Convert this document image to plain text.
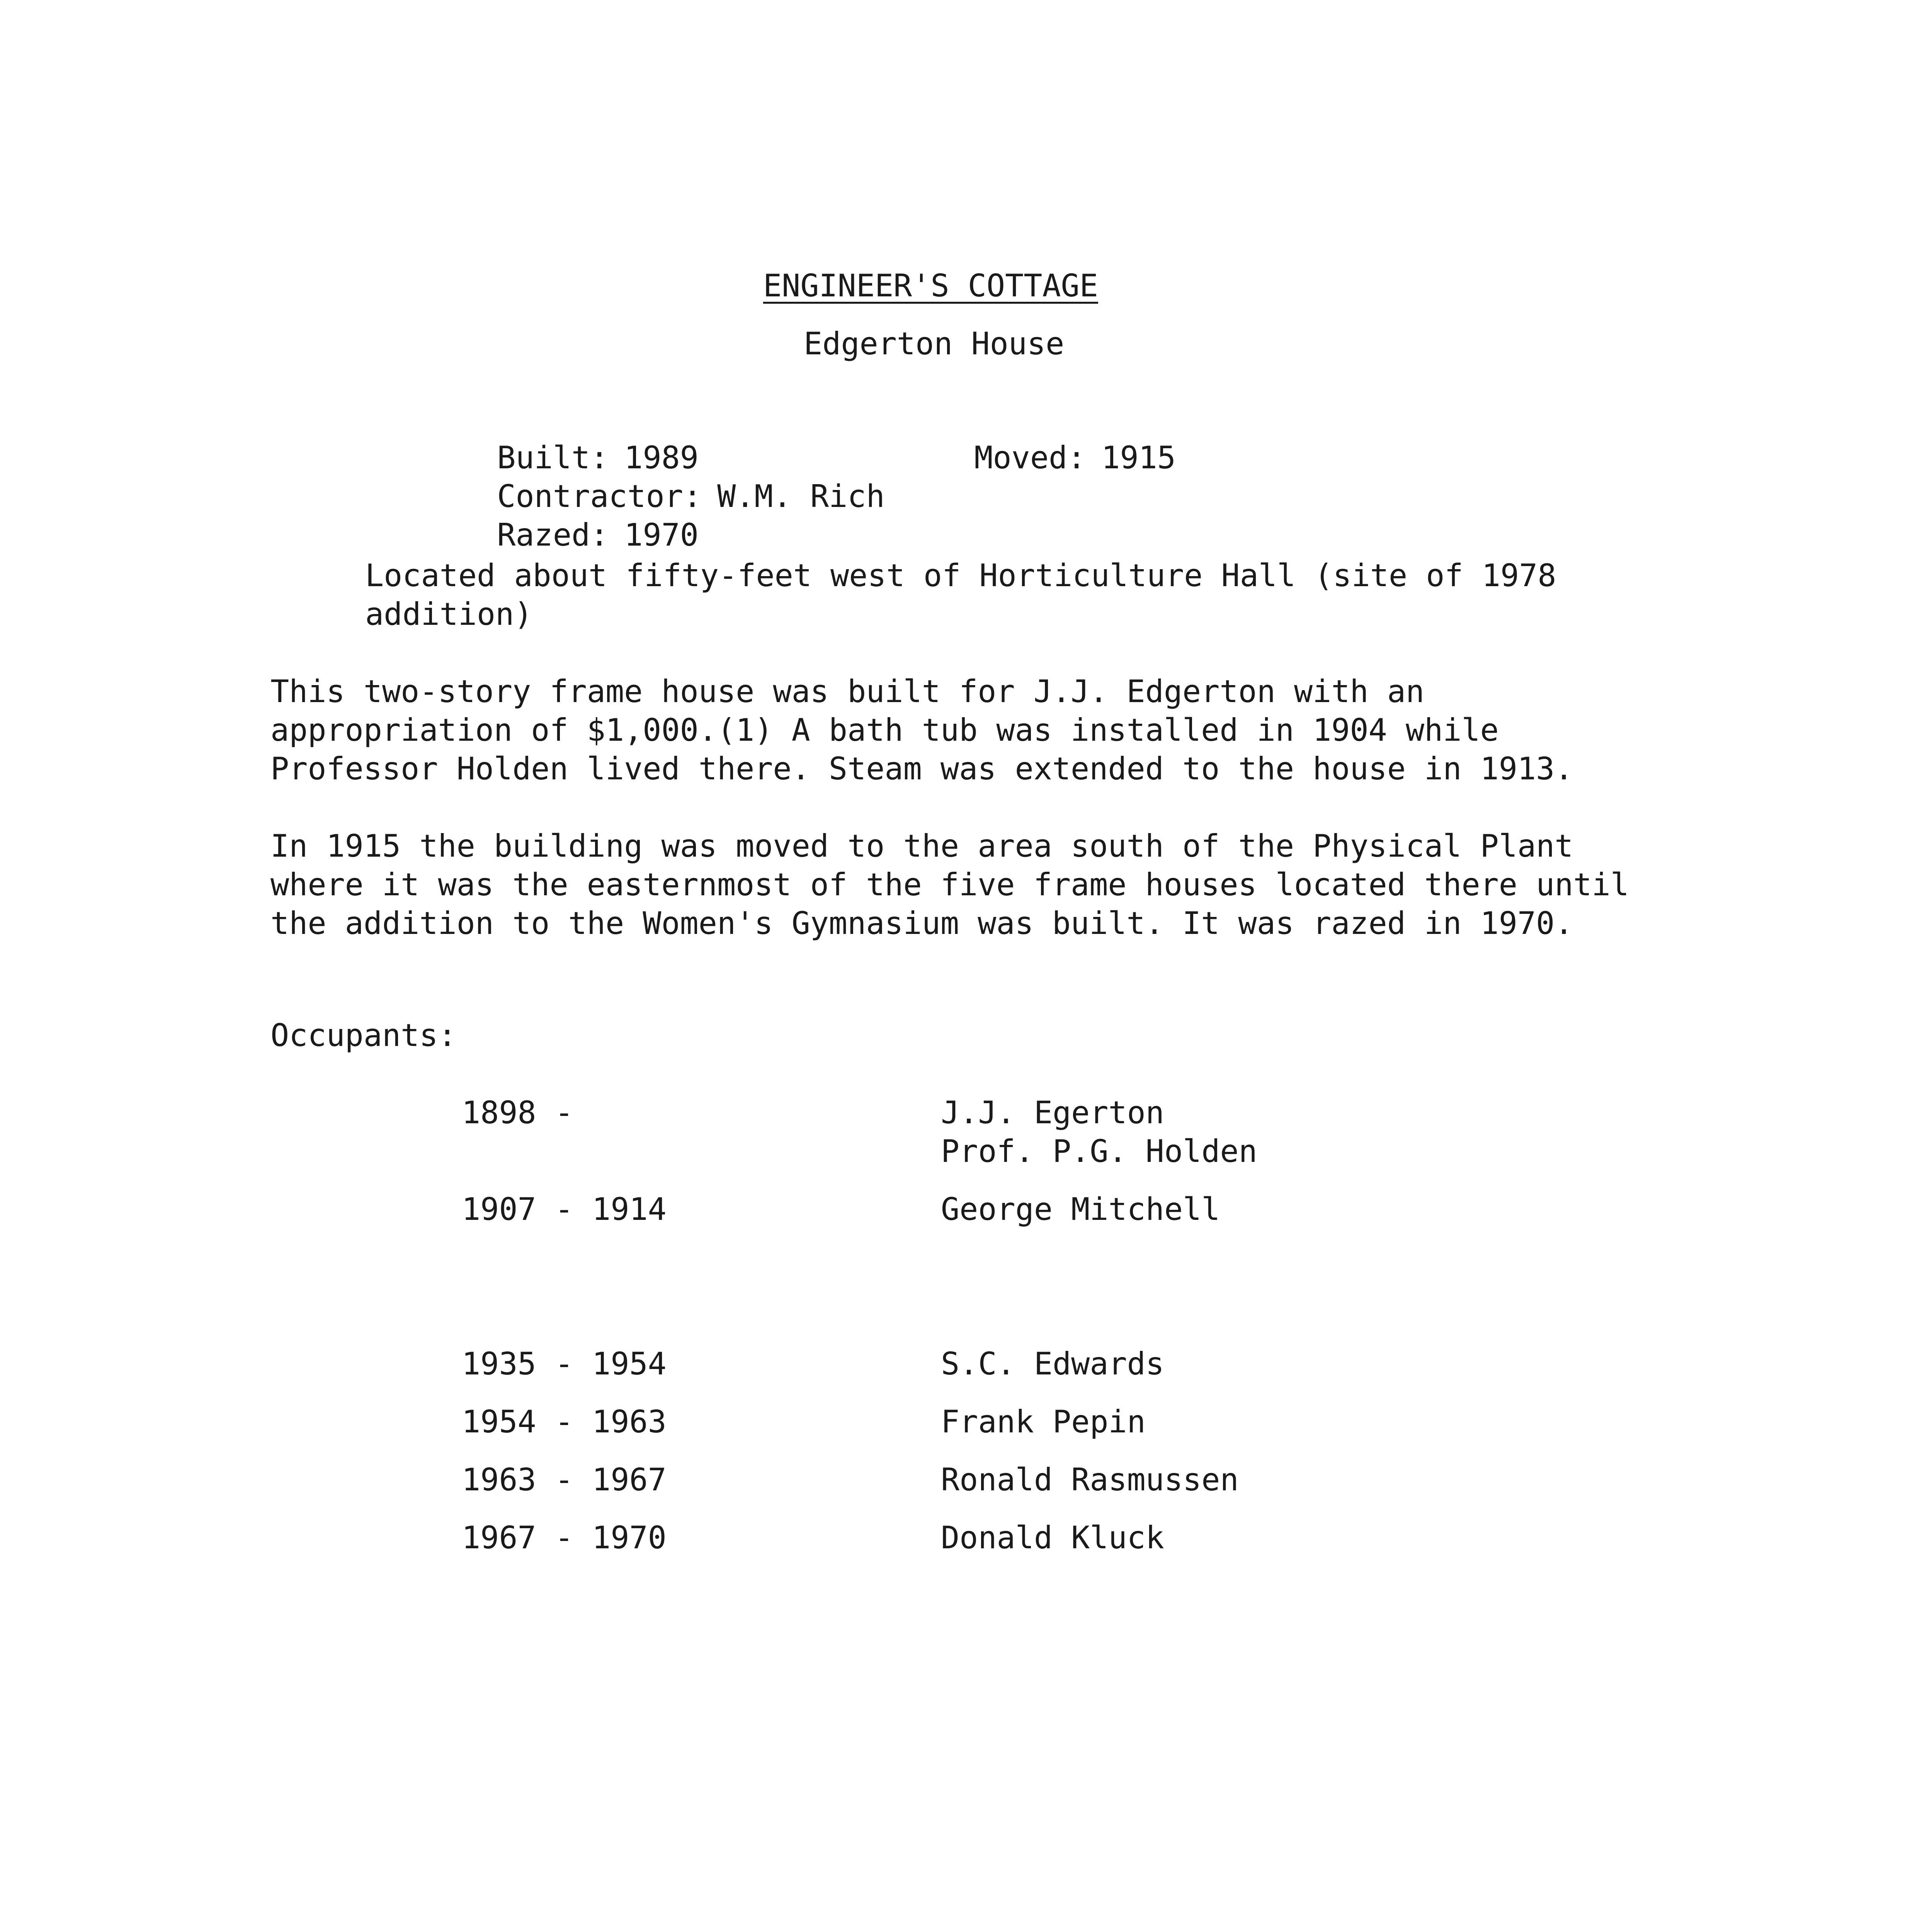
ENGINEER'S COTTAGE
Edgerton House

Built: 1989	Moved: 1915

Contractor: W.M. Rich

Razed: 1970

Located about fifty-feet west of Horticulture Hall (site of 1978 addition)
This two-story frame house was built for J.J. Edgerton with an appropriation of $1,000.(1) A bath tub was installed in 1904 while Professor Holden lived there. Steam was extended to the house in 1913.
In 1915 the building was moved to the area south of the Physical Plant where it was the easternmost of the five frame houses located there until the addition to the Women's Gymnasium was built. It was razed in 1970.
Occupants:
1898 -	J.J. Egerton
Prof. P.G. Holden
1907 - 1914	George Mitchell
1935 - 1954	S.C. Edwards
1954 - 1963	Frank Pepin
1963 - 1967	Ronald Rasmussen
1967 - 1970	Donald Kluck
